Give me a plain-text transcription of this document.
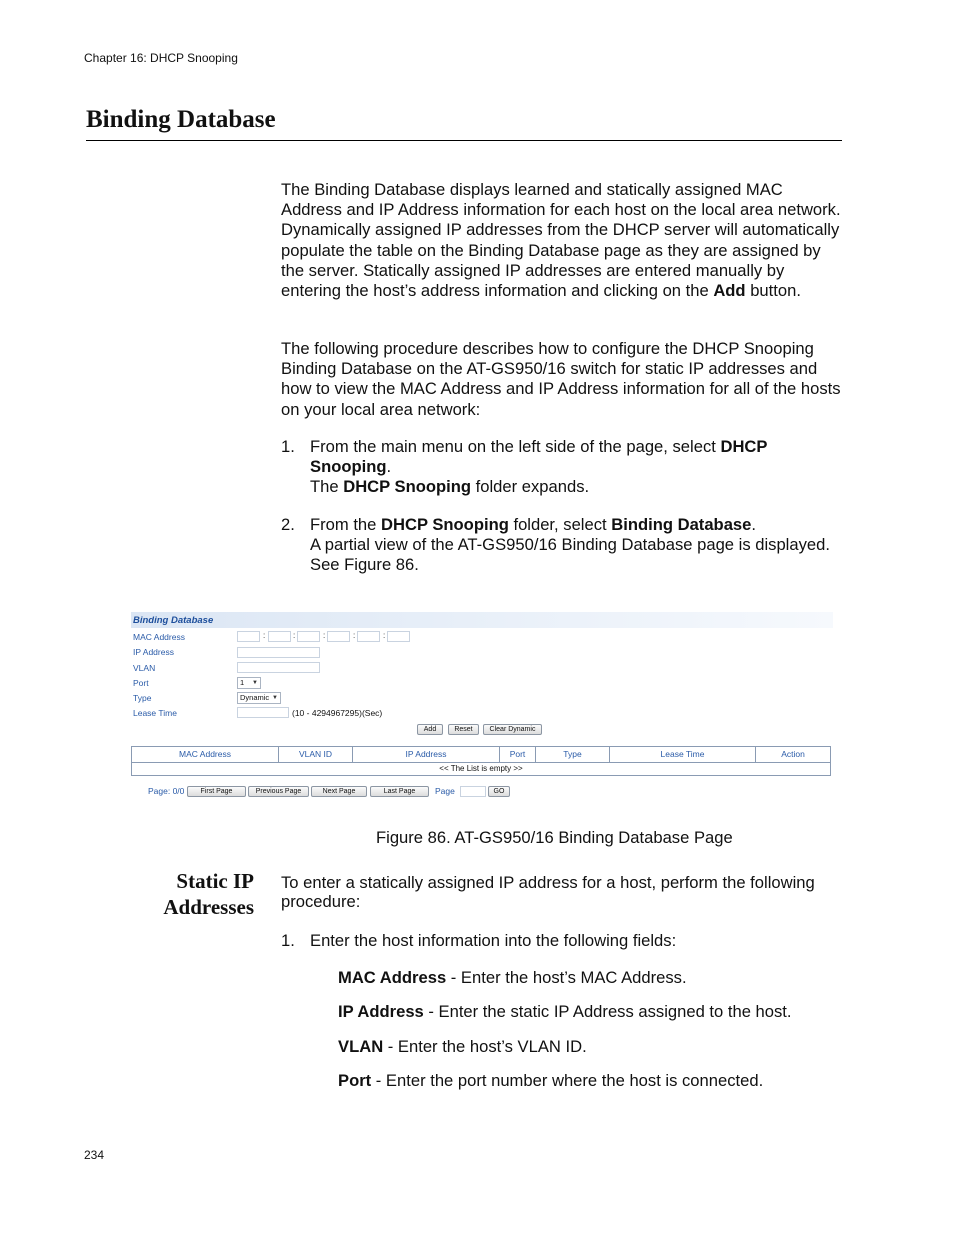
Chapter 16: DHCP Snooping
Binding Database

The Binding Database displays learned and statically assigned MAC Address and IP Address information for each host on the local area network. Dynamically assigned IP addresses from the DHCP server will automatically populate the table on the Binding Database page as they are assigned by the server. Statically assigned IP addresses are entered manually by entering the host’s address information and clicking on the Add button.

The following procedure describes how to configure the DHCP Snooping Binding Database on the AT-GS950/16 switch for static IP addresses and how to view the MAC Address and IP Address information for all of the hosts on your local area network:

1. From the main menu on the left side of the page, select DHCP Snooping.
The DHCP Snooping folder expands.
2. From the DHCP Snooping folder, select Binding Database.
A partial view of the AT-GS950/16 Binding Database page is displayed. See Figure 86.
Binding Database
MAC Address	:	:	:	:	:
IP Address
VLAN
Port	1 ▼
Type	Dynamic ▼
Lease Time	(10 - 4294967295)(Sec)
Add	Reset	Clear Dynamic
MAC Address	VLAN ID	IP Address	Port	Type	Lease Time	Action
<< The List is empty >>
Page: 0/0	First Page	Previous Page	Next Page	Last Page	Page	GO
Figure 86. AT-GS950/16 Binding Database Page
Static IP
Addresses

To enter a statically assigned IP address for a host, perform the following procedure:

1. Enter the host information into the following fields:
MAC Address - Enter the host’s MAC Address.
IP Address - Enter the static IP Address assigned to the host.
VLAN - Enter the host’s VLAN ID.
Port - Enter the port number where the host is connected.
234
